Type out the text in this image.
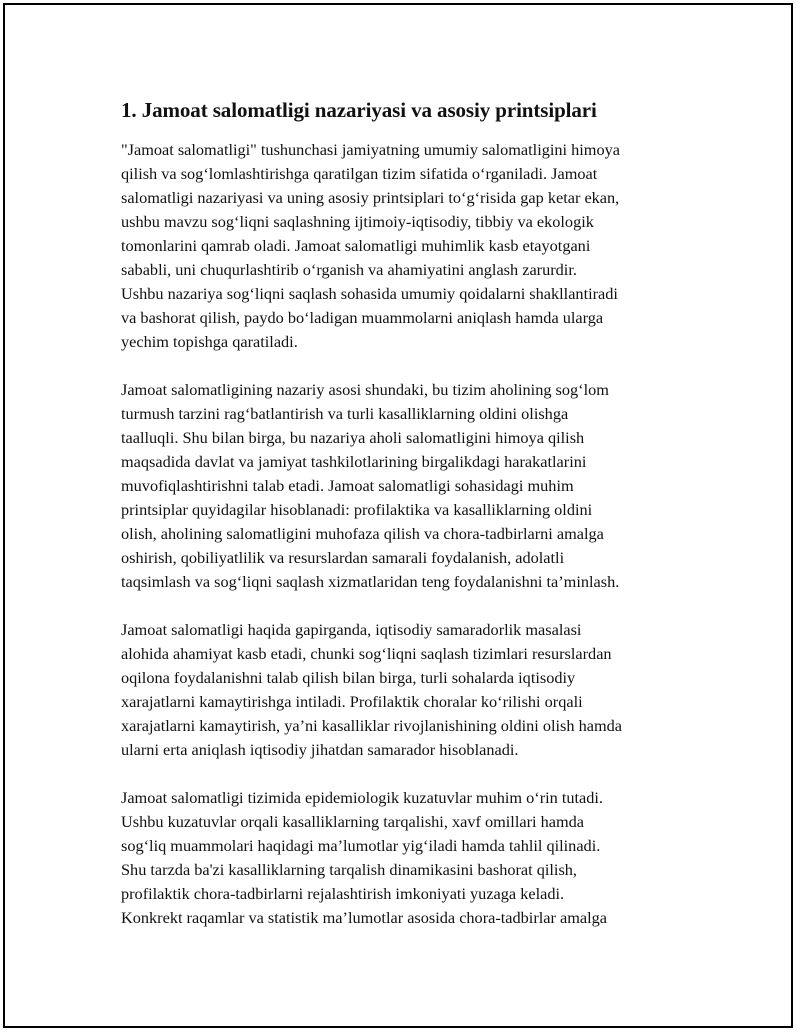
1. Jamoat salomatligi nazariyasi va asosiy printsiplari

"Jamoat salomatligi" tushunchasi jamiyatning umumiy salomatligini himoya
qilish va sog‘lomlashtirishga qaratilgan tizim sifatida o‘rganiladi. Jamoat
salomatligi nazariyasi va uning asosiy printsiplari to‘g‘risida gap ketar ekan,
ushbu mavzu sog‘liqni saqlashning ijtimoiy-iqtisodiy, tibbiy va ekologik
tomonlarini qamrab oladi. Jamoat salomatligi muhimlik kasb etayotgani
sababli, uni chuqurlashtirib o‘rganish va ahamiyatini anglash zarurdir.
Ushbu nazariya sog‘liqni saqlash sohasida umumiy qoidalarni shakllantiradi
va bashorat qilish, paydo bo‘ladigan muammolarni aniqlash hamda ularga
yechim topishga qaratiladi.

Jamoat salomatligining nazariy asosi shundaki, bu tizim aholining sog‘lom
turmush tarzini rag‘batlantirish va turli kasalliklarning oldini olishga
taalluqli. Shu bilan birga, bu nazariya aholi salomatligini himoya qilish
maqsadida davlat va jamiyat tashkilotlarining birgalikdagi harakatlarini
muvofiqlashtirishni talab etadi. Jamoat salomatligi sohasidagi muhim
printsiplar quyidagilar hisoblanadi: profilaktika va kasalliklarning oldini
olish, aholining salomatligini muhofaza qilish va chora-tadbirlarni amalga
oshirish, qobiliyatlilik va resurslardan samarali foydalanish, adolatli
taqsimlash va sog‘liqni saqlash xizmatlaridan teng foydalanishni ta’minlash.

Jamoat salomatligi haqida gapirganda, iqtisodiy samaradorlik masalasi
alohida ahamiyat kasb etadi, chunki sog‘liqni saqlash tizimlari resurslardan
oqilona foydalanishni talab qilish bilan birga, turli sohalarda iqtisodiy
xarajatlarni kamaytirishga intiladi. Profilaktik choralar ko‘rilishi orqali
xarajatlarni kamaytirish, ya’ni kasalliklar rivojlanishining oldini olish hamda
ularni erta aniqlash iqtisodiy jihatdan samarador hisoblanadi.

Jamoat salomatligi tizimida epidemiologik kuzatuvlar muhim o‘rin tutadi.
Ushbu kuzatuvlar orqali kasalliklarning tarqalishi, xavf omillari hamda
sog‘liq muammolari haqidagi ma’lumotlar yig‘iladi hamda tahlil qilinadi.
Shu tarzda ba'zi kasalliklarning tarqalish dinamikasini bashorat qilish,
profilaktik chora-tadbirlarni rejalashtirish imkoniyati yuzaga keladi.
Konkrekt raqamlar va statistik ma’lumotlar asosida chora-tadbirlar amalga
